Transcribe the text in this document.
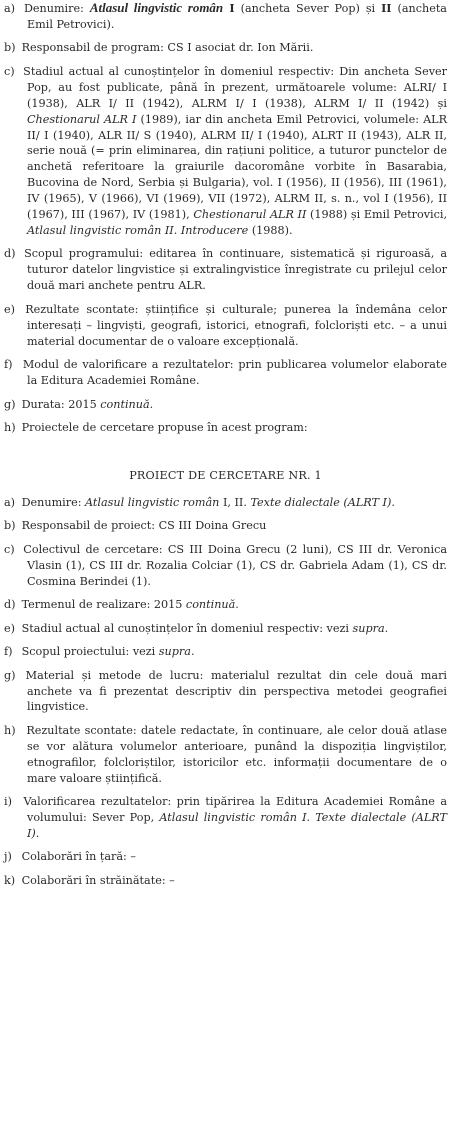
a) Denumire: Atlasul lingvistic român I (ancheta Sever Pop) și II (ancheta Emil Petrovici).

b) Responsabil de program: CS I asociat dr. Ion Mării.

c) Stadiul actual al cunoștințelor în domeniul respectiv: Din ancheta Sever Pop, au fost publicate, până în prezent, următoarele volume: ALRI/ I (1938), ALR I/ II (1942), ALRM I/ I (1938), ALRM I/ II (1942) și Chestionarul ALR I (1989), iar din ancheta Emil Petrovici, volumele: ALR II/ I (1940), ALR II/ S (1940), ALRM II/ I (1940), ALRT II (1943), ALR II, serie nouă (= prin eliminarea, din rațiuni politice, a tuturor punctelor de anchetă referitoare la graiurile dacoromâne vorbite în Basarabia, Bucovina de Nord, Serbia și Bulgaria), vol. I (1956), II (1956), III (1961), IV (1965), V (1966), VI (1969), VII (1972), ALRM II, s. n., vol I (1956), II (1967), III (1967), IV (1981), Chestionarul ALR II (1988) și Emil Petrovici, Atlasul lingvistic român II. Introducere (1988).

d) Scopul programului: editarea în continuare, sistematică și riguroasă, a tuturor datelor lingvistice și extralingvistice înregistrate cu prilejul celor două mari anchete pentru ALR.

e) Rezultate scontate: științifice și culturale; punerea la îndemâna celor interesați – lingviști, geografi, istorici, etnografi, folcloriști etc. – a unui material documentar de o valoare excepțională.

f) Modul de valorificare a rezultatelor: prin publicarea volumelor elaborate la Editura Academiei Române.

g) Durata: 2015 continuă.

h) Proiectele de cercetare propuse în acest program:

PROIECT DE CERCETARE NR. 1

a) Denumire: Atlasul lingvistic român I, II. Texte dialectale (ALRT I).

b) Responsabil de proiect: CS III Doina Grecu

c) Colectivul de cercetare: CS III Doina Grecu (2 luni), CS III dr. Veronica Vlasin (1), CS III dr. Rozalia Colciar (1), CS dr. Gabriela Adam (1), CS dr. Cosmina Berindei (1).

d) Termenul de realizare: 2015 continuă.

e) Stadiul actual al cunoștințelor în domeniul respectiv: vezi supra.

f) Scopul proiectului: vezi supra.

g) Material și metode de lucru: materialul rezultat din cele două mari anchete va fi prezentat descriptiv din perspectiva metodei geografiei lingvistice.

h) Rezultate scontate: datele redactate, în continuare, ale celor două atlase se vor alătura volumelor anterioare, punând la dispoziția lingviștilor, etnografilor, folcloriștilor, istoricilor etc. informații documentare de o mare valoare științifică.

i) Valorificarea rezultatelor: prin tipărirea la Editura Academiei Române a volumului: Sever Pop, Atlasul lingvistic român I. Texte dialectale (ALRT I).

j) Colaborări în țară: –

k) Colaborări în străinătate: –
